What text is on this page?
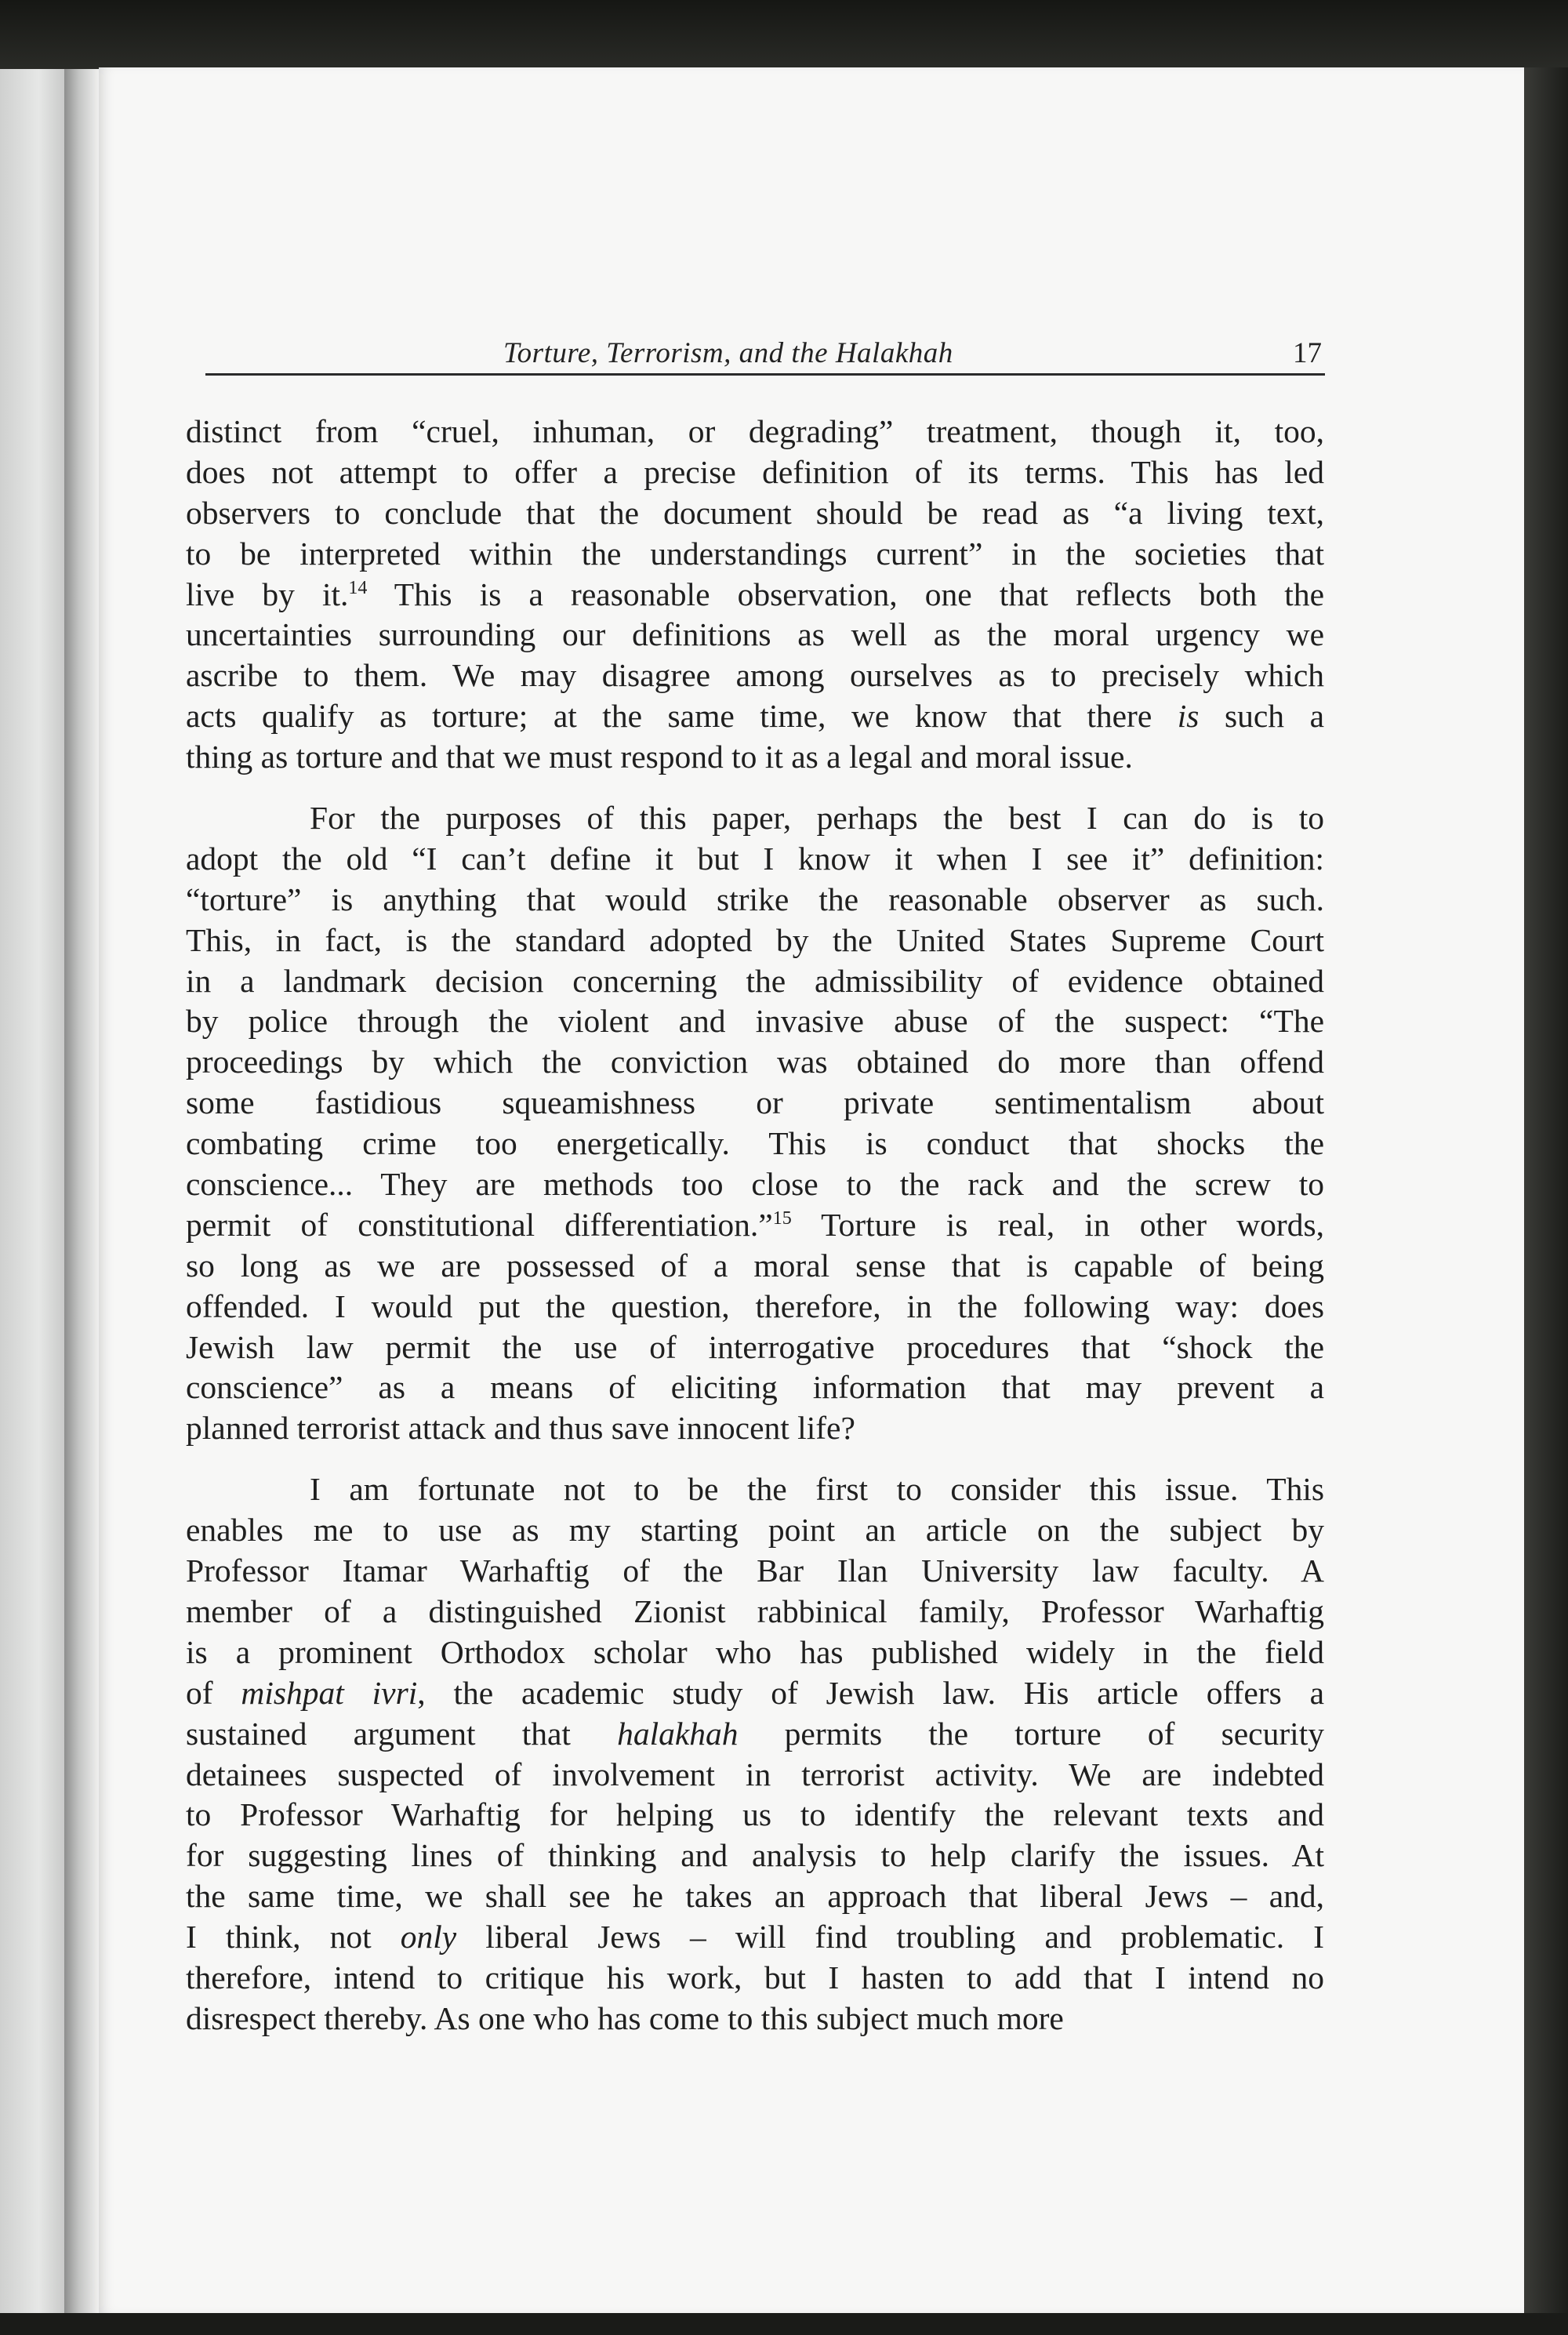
Torture, Terrorism, and the Halakhah	17
distinct from “cruel, inhuman, or degrading” treatment, though it, too,
does not attempt to offer a precise definition of its terms. This has led
observers to conclude that the document should be read as “a living text,
to be interpreted within the understandings current” in the societies that
live by it.$^{14}$ This is a reasonable observation, one that reflects both the
uncertainties surrounding our definitions as well as the moral urgency we
ascribe to them. We may disagree among ourselves as to precisely which
acts qualify as torture; at the same time, we know that there is such a
thing as torture and that we must respond to it as a legal and moral issue.
For the purposes of this paper, perhaps the best I can do is to
adopt the old “I can’t define it but I know it when I see it” definition:
“torture” is anything that would strike the reasonable observer as such.
This, in fact, is the standard adopted by the United States Supreme Court
in a landmark decision concerning the admissibility of evidence obtained
by police through the violent and invasive abuse of the suspect: “The
proceedings by which the conviction was obtained do more than offend
some fastidious squeamishness or private sentimentalism about
combating crime too energetically. This is conduct that shocks the
conscience... They are methods too close to the rack and the screw to
permit of constitutional differentiation.”$^{15}$ Torture is real, in other words,
so long as we are possessed of a moral sense that is capable of being
offended. I would put the question, therefore, in the following way: does
Jewish law permit the use of interrogative procedures that “shock the
conscience” as a means of eliciting information that may prevent a
planned terrorist attack and thus save innocent life?
I am fortunate not to be the first to consider this issue. This
enables me to use as my starting point an article on the subject by
Professor Itamar Warhaftig of the Bar Ilan University law faculty. A
member of a distinguished Zionist rabbinical family, Professor Warhaftig
is a prominent Orthodox scholar who has published widely in the field
of mishpat ivri, the academic study of Jewish law. His article offers a
sustained argument that halakhah permits the torture of security
detainees suspected of involvement in terrorist activity. We are indebted
to Professor Warhaftig for helping us to identify the relevant texts and
for suggesting lines of thinking and analysis to help clarify the issues. At
the same time, we shall see he takes an approach that liberal Jews – and,
I think, not only liberal Jews – will find troubling and problematic. I
therefore, intend to critique his work, but I hasten to add that I intend no
disrespect thereby. As one who has come to this subject much more
